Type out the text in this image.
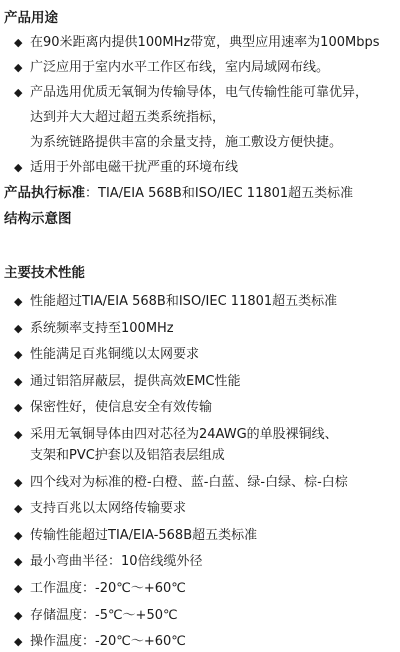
产品用途
◆ 在90米距离内提供100MHz带宽，典型应用速率为100Mbps
◆ 广泛应用于室内水平工作区布线，室内局域网布线。
◆ 产品选用优质无氧铜为传输导体，电气传输性能可靠优异，
达到并大大超过超五类系统指标，
为系统链路提供丰富的余量支持，施工敷设方便快捷。
◆ 适用于外部电磁干扰严重的环境布线
产品执行标准：TIA/EIA 568B和ISO/IEC 11801超五类标准
结构示意图
主要技术性能
◆ 性能超过TIA/EIA 568B和ISO/IEC 11801超五类标准
◆ 系统频率支持至100MHz
◆ 性能满足百兆铜缆以太网要求
◆ 通过铝箔屏蔽层，提供高效EMC性能
◆ 保密性好，使信息安全有效传输
◆ 采用无氧铜导体由四对芯径为24AWG的单股裸铜线、
支架和PVC护套以及铝箔表层组成
◆ 四个线对为标准的橙-白橙、蓝-白蓝、绿-白绿、棕-白棕
◆ 支持百兆以太网络传输要求
◆ 传输性能超过TIA/EIA-568B超五类标准
◆ 最小弯曲半径：10倍线缆外径
◆ 工作温度：-20℃～+60℃
◆ 存储温度：-5℃～+50℃
◆ 操作温度：-20℃～+60℃
